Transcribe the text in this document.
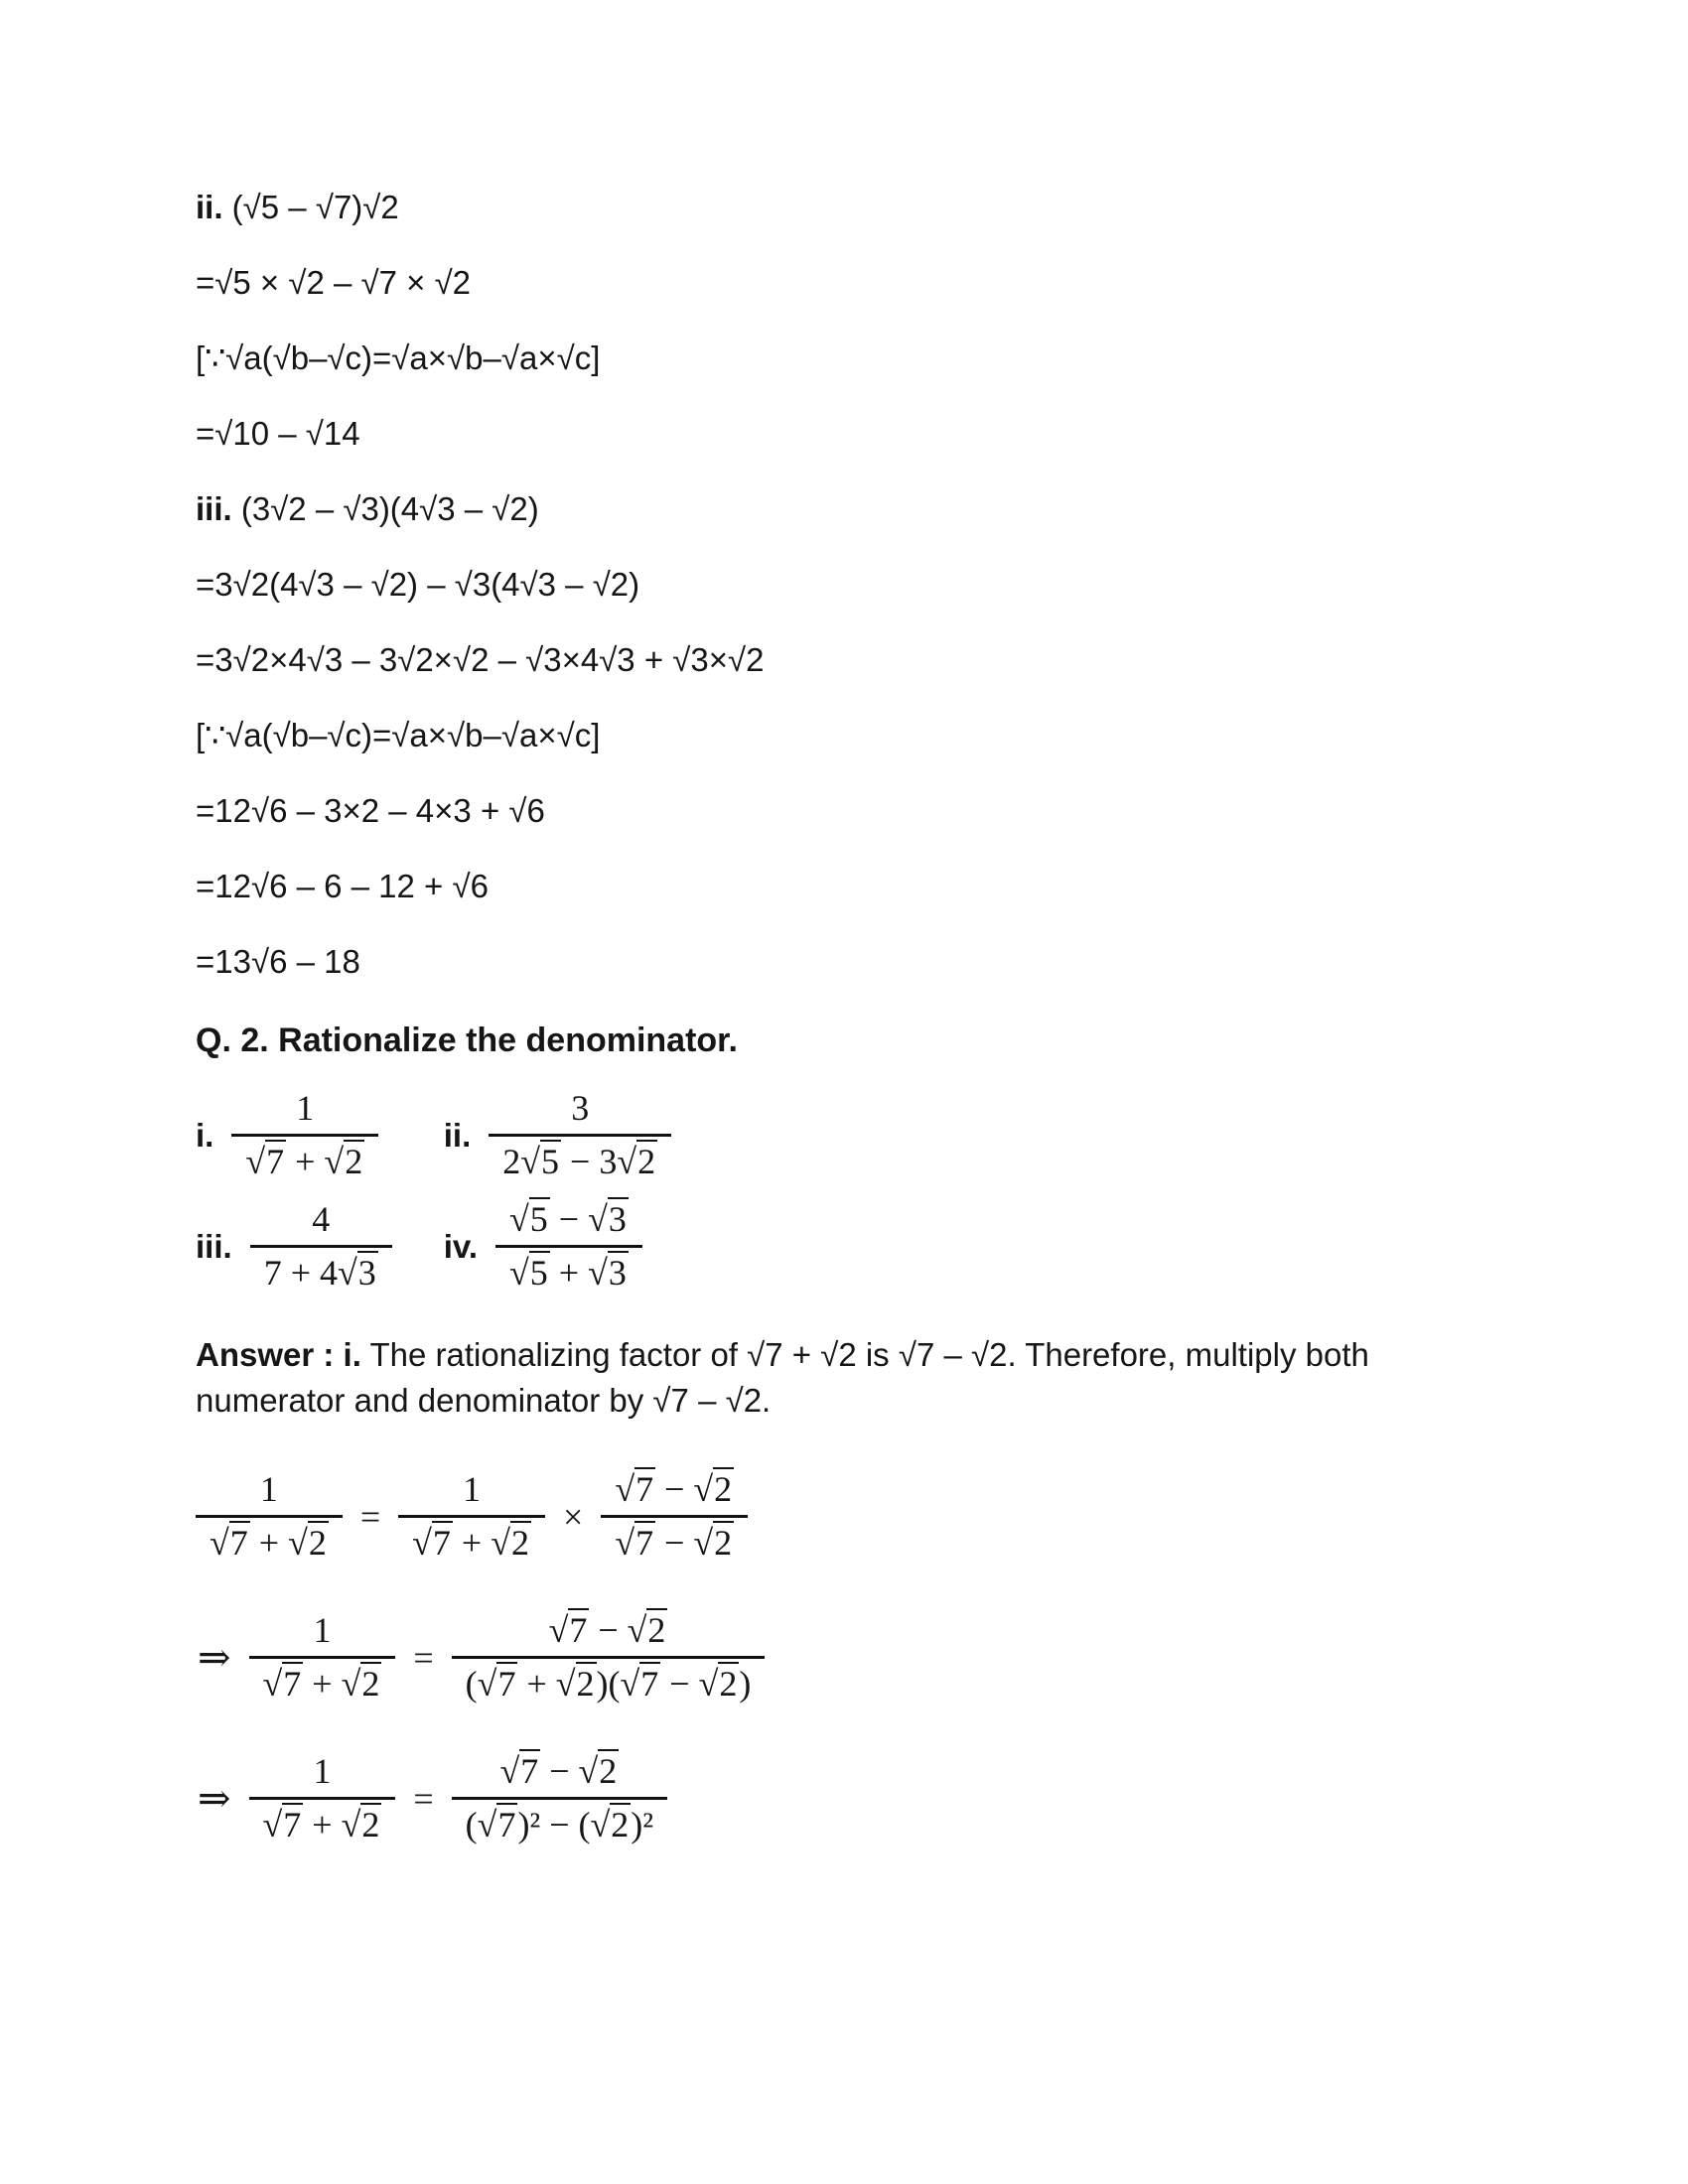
ii. (√5 – √7)√2
=√5 × √2 – √7 × √2
[∵√a(√b–√c)=√a×√b–√a×√c]
=√10 – √14
iii. (3√2 – √3)(4√3 – √2)
=3√2(4√3 – √2) – √3(4√3 – √2)
=3√2×4√3 – 3√2×√2 – √3×4√3 + √3×√2
[∵√a(√b–√c)=√a×√b–√a×√c]
=12√6 – 3×2 – 4×3 + √6
=12√6 – 6 – 12 + √6
=13√6 – 18
Q. 2. Rationalize the denominator.
i. $\frac{1}{√7 + √2}$ ii. $\frac{3}{2√5 - 3√2}$
iii. $\frac{4}{7 + 4√3}$ iv. $\frac{√5 - √3}{√5 + √3}$

Answer : i. The rationalizing factor of √7 + √2 is √7 – √2. Therefore, multiply both numerator and denominator by √7 – √2.

$\frac{1}{√7 + √2} = \frac{1}{√7 + √2} \times \frac{√7 - √2}{√7 - √2}$
⇒ $\frac{1}{√7 + √2} = \frac{√7 - √2}{(√7 + √2)(√7 - √2)}$
⇒ $\frac{1}{√7 + √2} = \frac{√7 - √2}{\text{(√7)² − (√2)²}}$
